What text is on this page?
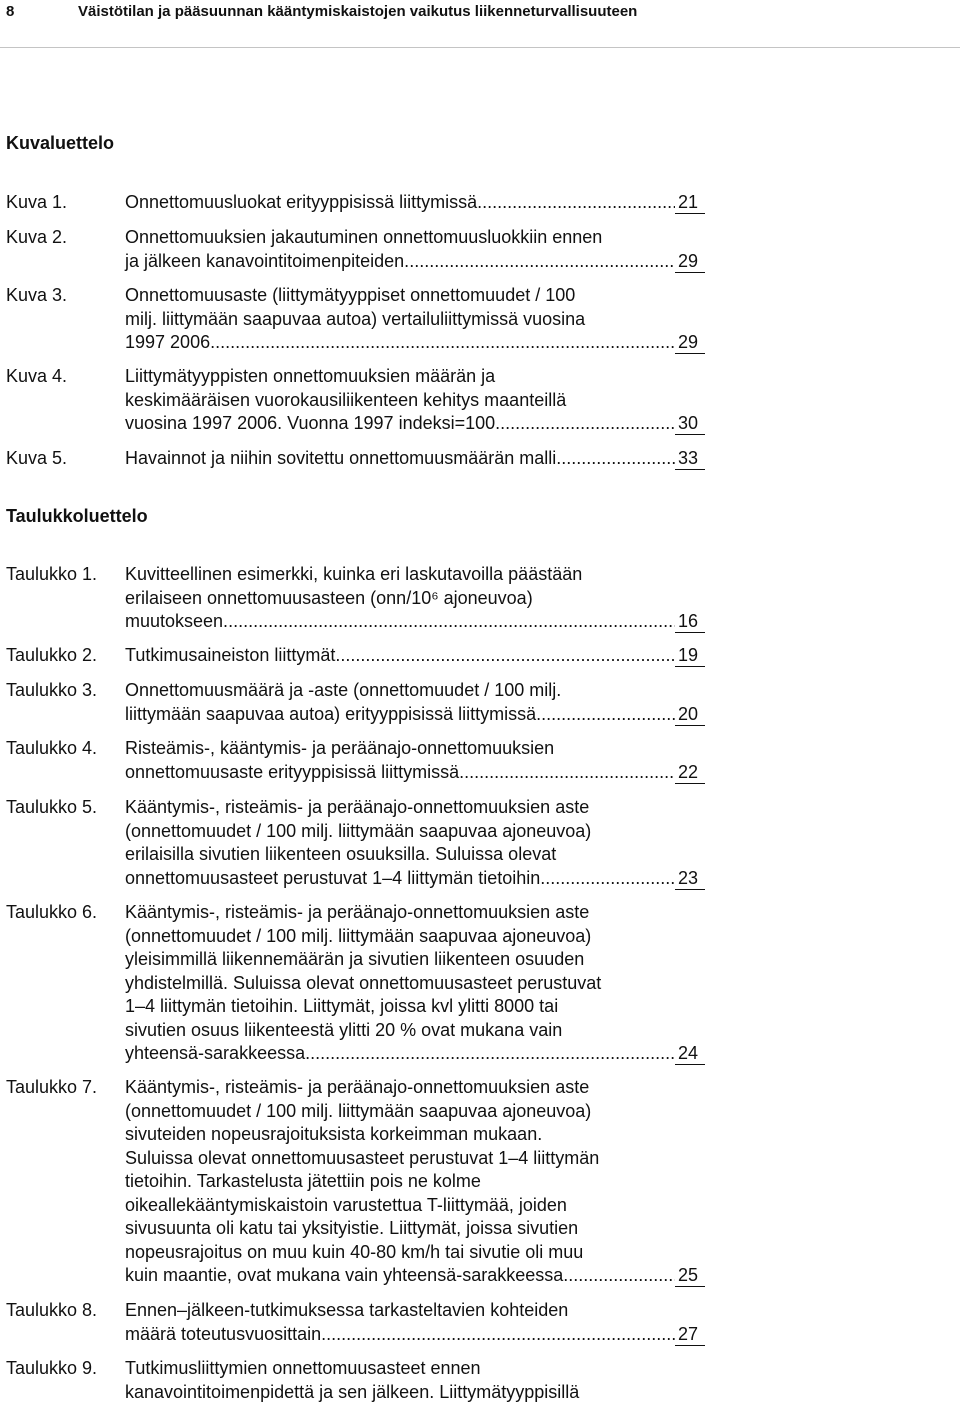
8	Väistötilan ja pääsuunnan kääntymiskaistojen vaikutus liikenneturvallisuuteen
Kuvaluettelo
Kuva 1.	Onnettomuusluokat erityyppisissä liittymissä .....	21
Kuva 2.	Onnettomuuksien jakautuminen onnettomuusluokkiin ennen
ja jälkeen kanavointitoimenpiteiden. .....	29
Kuva 3.	Onnettomuusaste (liittymätyyppiset onnettomuudet / 100
milj. liittymään saapuvaa autoa) vertailuliittymissä vuosina
1997 2006. .....	29
Kuva 4.	Liittymätyyppisten onnettomuuksien määrän ja
keskimääräisen vuorokausiliikenteen kehitys maanteillä
vuosina 1997 2006. Vuonna 1997 indeksi=100. .....	30
Kuva 5.	Havainnot ja niihin sovitettu onnettomuusmäärän malli. .....	33
Taulukkoluettelo
Taulukko 1. Kuvitteellinen esimerkki, kuinka eri laskutavoilla päästään
erilaiseen onnettomuusasteen (onn/10⁶ ajoneuvoa)
muutokseen. .....	16
Taulukko 2. Tutkimusaineiston liittymät. .....	19
Taulukko 3. Onnettomuusmäärä ja -aste (onnettomuudet / 100 milj.
liittymään saapuvaa autoa) erityyppisissä liittymissä .....	20
Taulukko 4. Risteämis-, kääntymis- ja peräänajo-onnettomuuksien
onnettomuusaste erityyppisissä liittymissä .....	22
Taulukko 5. Kääntymis-, risteämis- ja peräänajo-onnettomuuksien aste
(onnettomuudet / 100 milj. liittymään saapuvaa ajoneuvoa)
erilaisilla sivutien liikenteen osuuksilla. Suluissa olevat
onnettomuusasteet perustuvat 1–4 liittymän tietoihin .....	23
Taulukko 6. Kääntymis-, risteämis- ja peräänajo-onnettomuuksien aste
(onnettomuudet / 100 milj. liittymään saapuvaa ajoneuvoa)
yleisimmillä liikennemäärän ja sivutien liikenteen osuuden
yhdistelmillä. Suluissa olevat onnettomuusasteet perustuvat
1–4 liittymän tietoihin. Liittymät, joissa kvl ylitti 8000 tai
sivutien osuus liikenteestä ylitti 20 % ovat mukana vain
yhteensä-sarakkeessa. .....	24
Taulukko 7. Kääntymis-, risteämis- ja peräänajo-onnettomuuksien aste
(onnettomuudet / 100 milj. liittymään saapuvaa ajoneuvoa)
sivuteiden nopeusrajoituksista korkeimman mukaan.
Suluissa olevat onnettomuusasteet perustuvat 1–4 liittymän
tietoihin. Tarkastelusta jätettiin pois ne kolme
oikeallekääntymiskaistoin varustettua T-liittymää, joiden
sivusuunta oli katu tai yksityistie. Liittymät, joissa sivutien
nopeusrajoitus on muu kuin 40-80 km/h tai sivutie oli muu
kuin maantie, ovat mukana vain yhteensä-sarakkeessa. .....	25
Taulukko 8. Ennen–jälkeen-tutkimuksessa tarkasteltavien kohteiden
määrä toteutusvuosittain .....	27
Taulukko 9. Tutkimusliittymien onnettomuusasteet ennen
kanavointitoimenpidettä ja sen jälkeen. Liittymätyyppisillä
